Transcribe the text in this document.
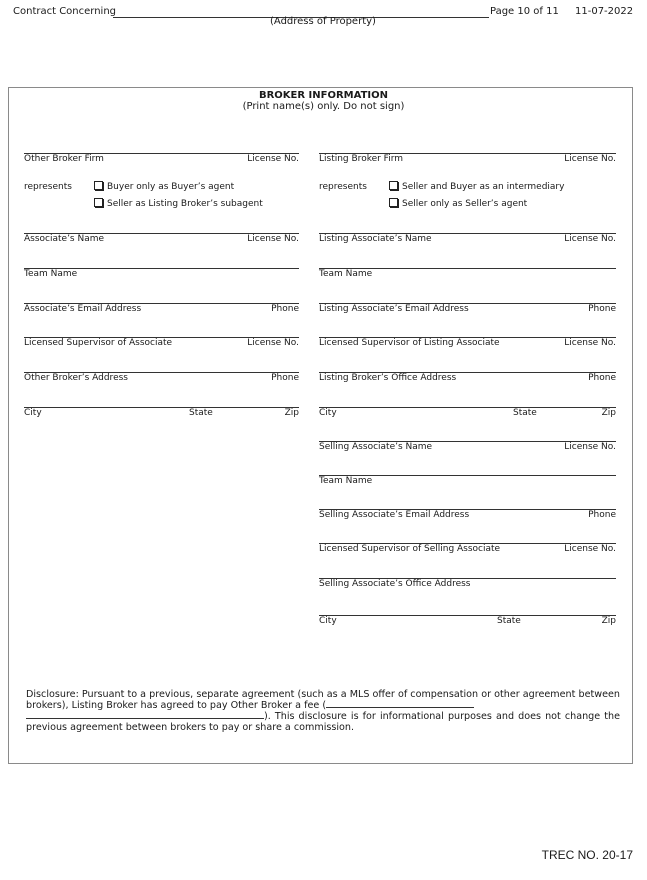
Contract Concerning	Page 10 of 11 11-07-2022
(Address of Property)
BROKER INFORMATION
(Print name(s) only. Do not sign)
Other Broker Firm	License No.
represents	Buyer only as Buyer’s agent
Seller as Listing Broker’s subagent
Associate’s Name	License No.
Team Name
Associate’s Email Address	Phone
Licensed Supervisor of Associate	License No.
Other Broker’s Address	Phone
City	State	Zip
Listing Broker Firm	License No.
represents	Seller and Buyer as an intermediary
Seller only as Seller’s agent
Listing Associate’s Name	License No.
Team Name
Listing Associate’s Email Address	Phone
Licensed Supervisor of Listing Associate	License No.
Listing Broker’s Office Address	Phone
City	State	Zip
Selling Associate’s Name	License No.
Team Name
Selling Associate’s Email Address	Phone
Licensed Supervisor of Selling Associate	License No.
Selling Associate’s Office Address
City	State	Zip
Disclosure: Pursuant to a previous, separate agreement (such as a MLS offer of compensation or other agreement between brokers), Listing Broker has agreed to pay Other Broker a fee (
). This disclosure is for informational purposes and does not change the previous agreement between brokers to pay or share a commission.
TREC NO. 20-17
